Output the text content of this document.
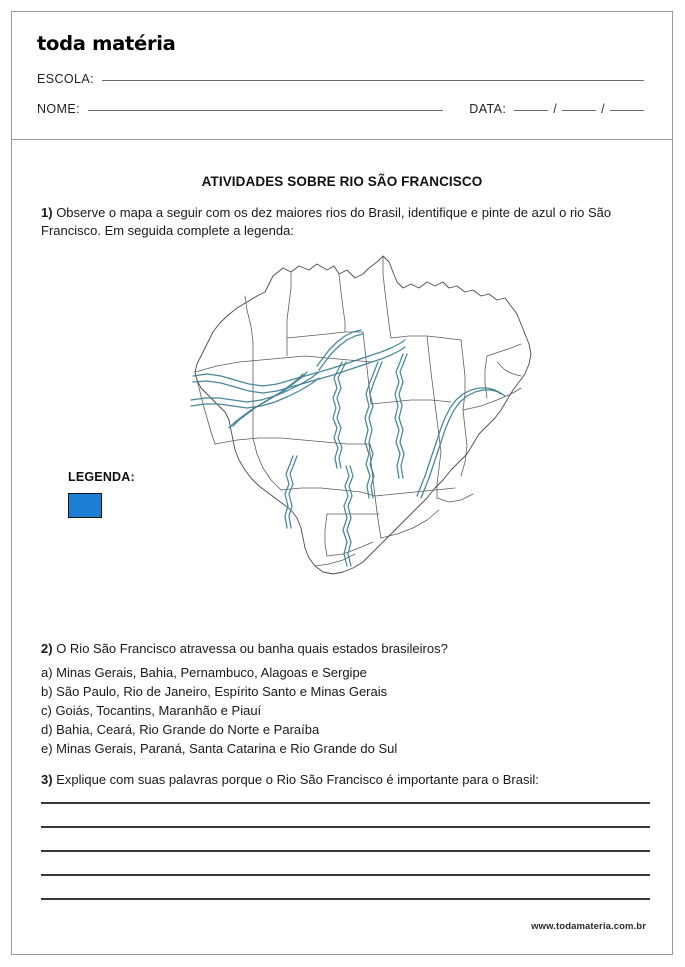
toda matéria
ESCOLA:
NOME:	DATA:	/	/
ATIVIDADES SOBRE RIO SÃO FRANCISCO
1) Observe o mapa a seguir com os dez maiores rios do Brasil, identifique e pinte de azul o rio São Francisco. Em seguida complete a legenda:
LEGENDA:
2) O Rio São Francisco atravessa ou banha quais estados brasileiros?
a) Minas Gerais, Bahia, Pernambuco, Alagoas e Sergipe
b) São Paulo, Rio de Janeiro, Espírito Santo e Minas Gerais
c) Goiás, Tocantins, Maranhão e Piauí
d) Bahia, Ceará, Rio Grande do Norte e Paraíba
e) Minas Gerais, Paraná, Santa Catarina e Rio Grande do Sul
3) Explique com suas palavras porque o Rio São Francisco é importante para o Brasil:
www.todamateria.com.br
